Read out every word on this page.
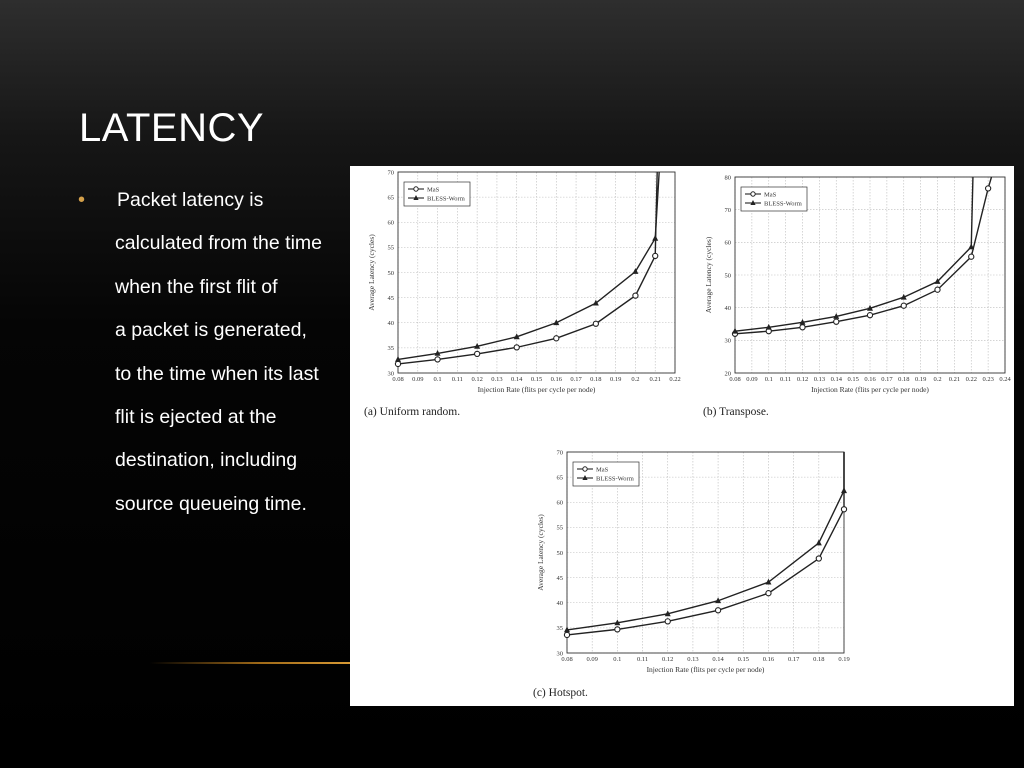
LATENCY
• Packet latency is
calculated from the time
when the first flit of
a packet is generated,
to the time when its last
flit is ejected at the
destination, including
source queueing time.
0.08 0.09 0.1 0.11 0.12 0.13 0.14 0.15 0.16 0.17 0.18 0.19 0.2 0.21 0.22
30
35
40
45
50
55
60
65
70
Injection Rate (flits per cycle per node)
Average Latency (cycles)
MaS
BLESS-Worm
0.08 0.09 0.1 0.11 0.12 0.13 0.14 0.15 0.16 0.17 0.18 0.19 0.2 0.21 0.22 0.23 0.24
20
30
40
50
60
70
80
Injection Rate (flits per cycle per node)
Average Latency (cycles)
MaS
BLESS-Worm
0.08 0.09 0.1 0.11 0.12 0.13 0.14 0.15 0.16 0.17 0.18 0.19
30
35
40
45
50
55
60
65
70
Injection Rate (flits per cycle per node)
Average Latency (cycles)
MaS
BLESS-Worm
(a) Uniform random.	(b) Transpose.
(c) Hotspot.
